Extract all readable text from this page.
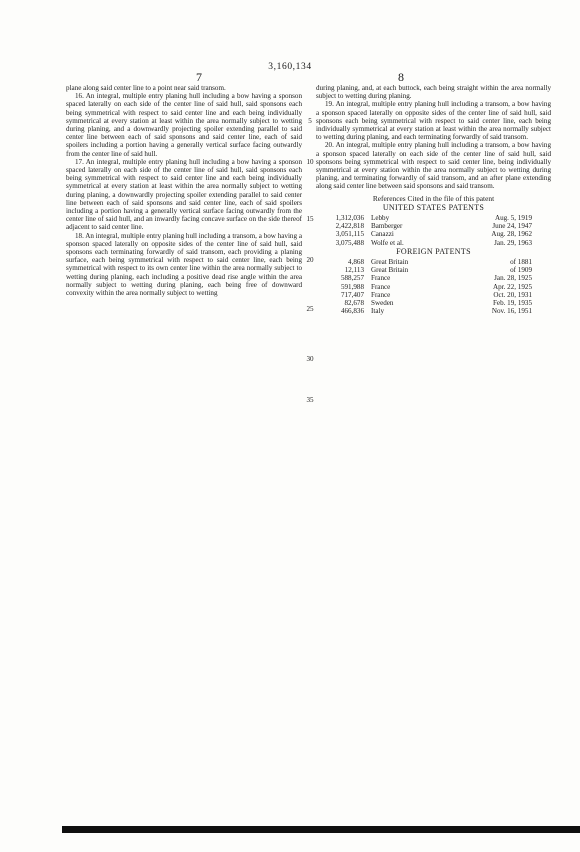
3,160,134
7	8

plane along said center line to a point near said transom.

16. An integral, multiple entry planing hull including a bow having a sponson spaced laterally on each side of the center line of said hull, said sponsons each being symmetrical with respect to said center line and each being individually symmetrical at every station at least within the area normally subject to wetting during planing, and a downwardly projecting spoiler extending parallel to said center line between each of said sponsons and said center line, each of said spoilers including a portion having a generally vertical surface facing outwardly from the center line of said hull.

17. An integral, multiple entry planing hull including a bow having a sponson spaced laterally on each side of the center line of said hull, said sponsons each being symmetrical with respect to said center line and each being individually symmetrical at every station at least within the area normally subject to wetting during planing, a downwardly projecting spoiler extending parallel to said center line between each of said sponsons and said center line, each of said spoilers including a portion having a generally vertical surface facing outwardly from the center line of said hull, and an inwardly facing concave surface on the side thereof adjacent to said center line.

18. An integral, multiple entry planing hull including a transom, a bow having a sponson spaced laterally on opposite sides of the center line of said hull, said sponsons each terminating forwardly of said transom, each providing a planing surface, each being symmetrical with respect to said center line, each being symmetrical with respect to its own center line within the area normally subject to wetting during planing, each including a positive dead rise angle within the area normally subject to wetting during planing, each being free of downward convexity within the area normally subject to wetting

5
10
15
20
25
30
35

during planing, and, at each buttock, each being straight within the area normally subject to wetting during planing.

19. An integral, multiple entry planing hull including a transom, a bow having a sponson spaced laterally on opposite sides of the center line of said hull, said sponsons each being symmetrical with respect to said center line, each being individually symmetrical at every station at least within the area normally subject to wetting during planing, and each terminating forwardly of said transom.

20. An integral, multiple entry planing hull including a transom, a bow having a sponson spaced laterally on each side of the center line of said hull, said sponsons being symmetrical with respect to said center line, being individually symmetrical at every station within the area normally subject to wetting during planing, and terminating forwardly of said transom, and an after plane extending along said center line between said sponsons and said transom.

References Cited in the file of this patent
UNITED STATES PATENTS
1,312,036	Lebby	Aug. 5, 1919
2,422,818	Bamberger	June 24, 1947
3,051,115	Canazzi	Aug. 28, 1962
3,075,488	Wolfe et al.	Jan. 29, 1963
FOREIGN PATENTS
4,868	Great Britain	of 1881
12,113	Great Britain	of 1909
588,257	France	Jan. 28, 1925
591,988	France	Apr. 22, 1925
717,407	France	Oct. 20, 1931
82,678	Sweden	Feb. 19, 1935
466,836	Italy	Nov. 16, 1951
